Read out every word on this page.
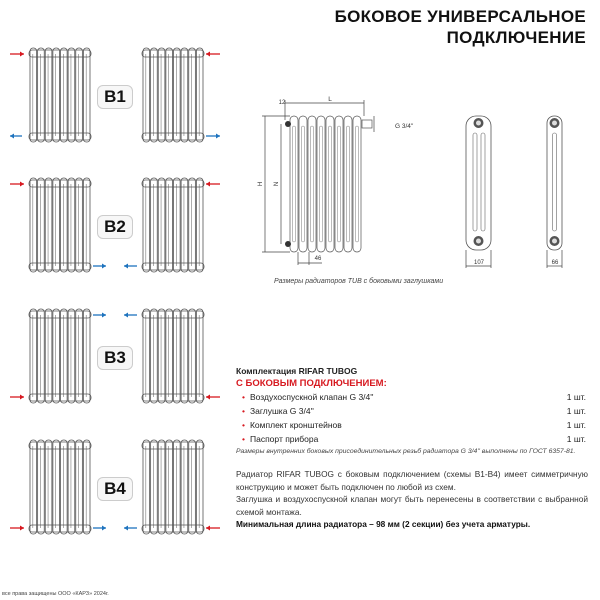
12	L
G 3/4''
H N
46
107	66
B1
B2
B3
B4
БОКОВОЕ УНИВЕРСАЛЬНОЕ
ПОДКЛЮЧЕНИЕ
Размеры радиаторов TUB с боковыми заглушками
Комплектация RIFAR TUBOG
С БОКОВЫМ ПОДКЛЮЧЕНИЕМ:
• Воздухоспускной клапан G 3/4''	1 шт.
• Заглушка G 3/4''	1 шт.
• Комплект кронштейнов	1 шт.
• Паспорт прибора	1 шт.
Размеры внутренних боковых присоединительных резьб радиатора G 3/4'' выполнены по ГОСТ 6357-81.

Радиатор RIFAR TUBOG с боковым подключением (схемы В1-В4) имеет симметричную конструкцию и может быть подключен по любой из схем.

Заглушка и воздухоспускной клапан могут быть перенесены в соответствии с выбранной схемой монтажа.

Минимальная длина радиатора – 98 мм (2 секции) без учета арматуры.

все права защищены ООО «КАРЗ» 2024г.
